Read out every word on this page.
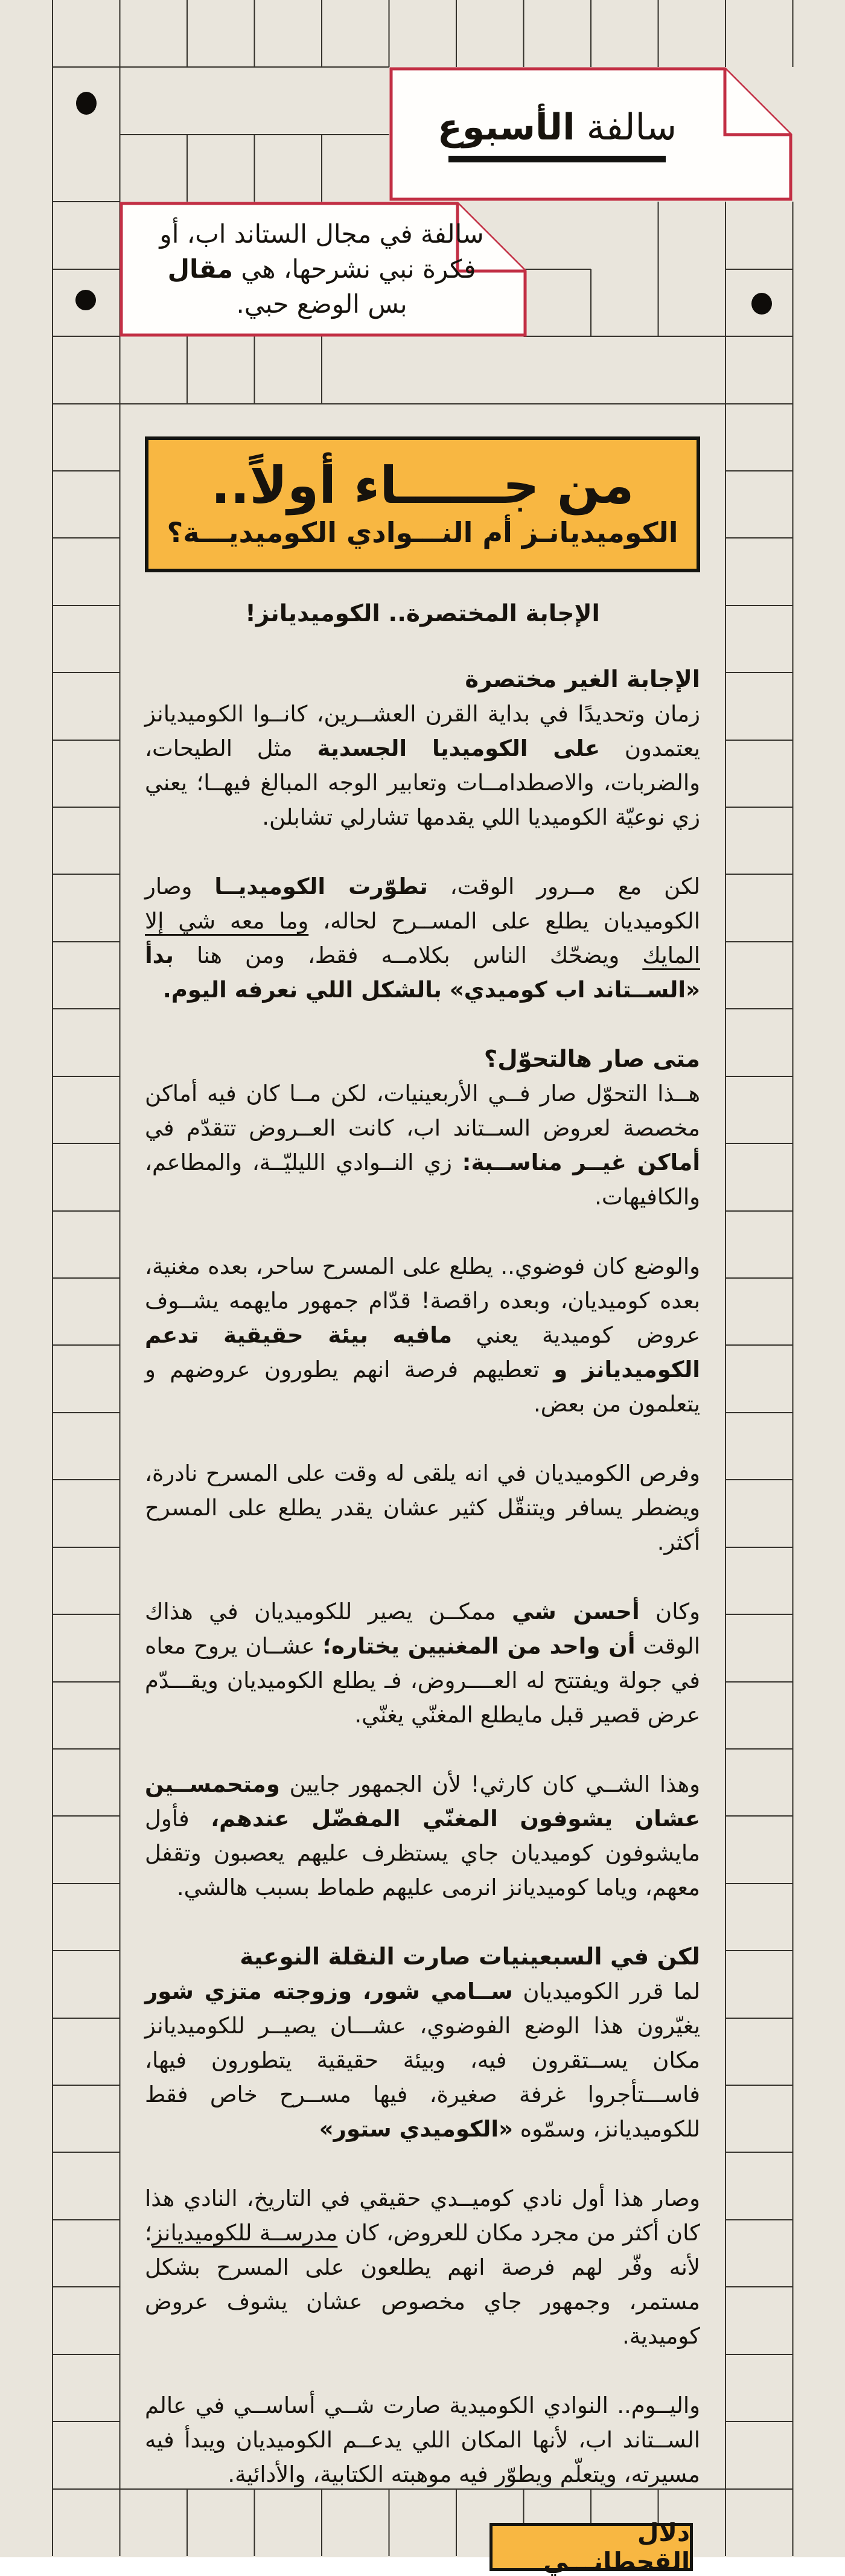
سالفة الأسبوع
سالفة في مجال الستاند اب، أو فكرة نبي نشرحها، هي مقال بس الوضع حبي.
من جــــــاء أولاً..
الكوميديانـز أم النـــوادي الكوميديـــة؟
الإجابة المختصرة.. الكوميديانز!
الإجابة الغير مختصرة

زمان وتحديدًا في بداية القرن العشــرين، كانــوا الكوميديانز يعتمدون على الكوميديا الجسدية مثل الطيحات، والضربات، والاصطدامــات وتعابير الوجه المبالغ فيهــا؛ يعني زي نوعيّة الكوميديا اللي يقدمها تشارلي تشابلن.

لكن مع مــرور الوقت، تطوّرت الكوميديــا وصار الكوميديان يطلع على المســرح لحاله، وما معه شي إلا المايك ويضحّك الناس بكلامــه فقط، ومن هنا بدأ «الســتاند اب كوميدي» بالشكل اللي نعرفه اليوم.

متى صار هالتحوّل؟

هــذا التحوّل صار فــي الأربعينيات، لكن مــا كان فيه أماكن مخصصة لعروض الســتاند اب، كانت العــروض تتقدّم في أماكن غيــر مناســبة: زي النــوادي الليليّــة، والمطاعم، والكافيهات.

والوضع كان فوضوي.. يطلع على المسرح ساحر، بعده مغنية، بعده كوميديان، وبعده راقصة! قدّام جمهور مايهمه يشــوف عروض كوميدية يعني مافيه بيئة حقيقية تدعم الكوميديانز و تعطيهم فرصة انهم يطورون عروضهم و يتعلمون من بعض.

وفرص الكوميديان في انه يلقى له وقت على المسرح نادرة، ويضطر يسافر ويتنقّل كثير عشان يقدر يطلع على المسرح أكثر.

وكان أحسن شي ممكــن يصير للكوميديان في هذاك الوقت أن واحد من المغنيين يختاره؛ عشــان يروح معاه في جولة ويفتتح له العــــروض، فـ يطلع الكوميديان ويقـــدّم عرض قصير قبل مايطلع المغنّي يغنّي.

وهذا الشــي كان كارثي! لأن الجمهور جايين ومتحمســين عشان يشوفون المغنّي المفضّل عندهم، فأول مايشوفون كوميديان جاي يستظرف عليهم يعصبون وتقفل معهم، وياما كوميديانز انرمى عليهم طماط بسبب هالشي.

لكن في السبعينيات صارت النقلة النوعية

لما قرر الكوميديان ســامي شور، وزوجته متزي شور يغيّرون هذا الوضع الفوضوي، عشـــان يصيــر للكوميديانز مكان يســتقرون فيه، وبيئة حقيقية يتطورون فيها، فاســـتأجروا غرفة صغيرة، فيها مســرح خاص فقط للكوميديانز، وسمّوه «الكوميدي ستور»

وصار هذا أول نادي كوميــدي حقيقي في التاريخ، النادي هذا كان أكثر من مجرد مكان للعروض، كان مدرســة للكوميديانز؛ لأنه وفّر لهم فرصة انهم يطلعون على المسرح بشكل مستمر، وجمهور جاي مخصوص عشان يشوف عروض كوميدية.

واليــوم.. النوادي الكوميدية صارت شــي أساســي في عالم الســتاند اب، لأنها المكان اللي يدعــم الكوميديان ويبدأ فيه مسيرته، ويتعلّم ويطوّر فيه موهبته الكتابية، والأدائية.

دلال القحطانـــي
